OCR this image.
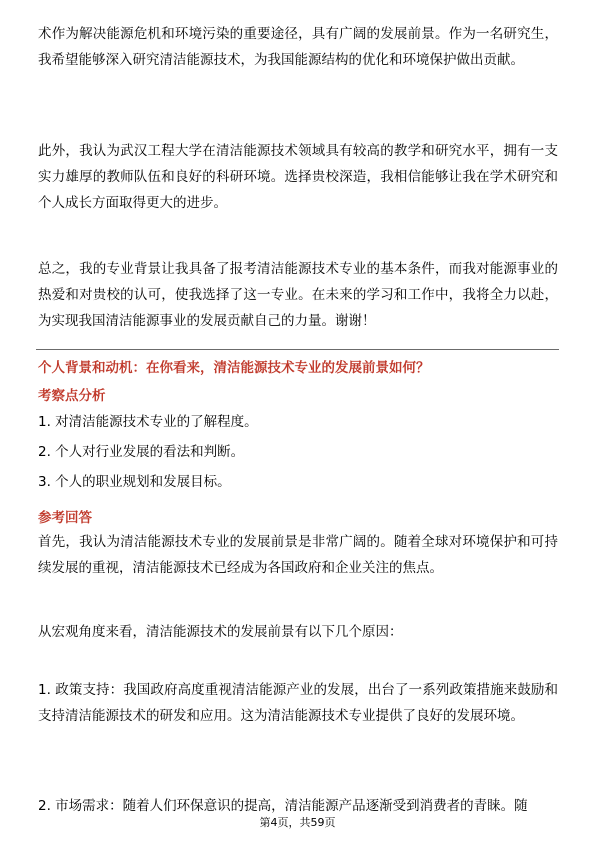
术作为解决能源危机和环境污染的重要途径，具有广阔的发展前景。作为一名研究生，我希望能够深入研究清洁能源技术，为我国能源结构的优化和环境保护做出贡献。

此外，我认为武汉工程大学在清洁能源技术领域具有较高的教学和研究水平，拥有一支实力雄厚的教师队伍和良好的科研环境。选择贵校深造，我相信能够让我在学术研究和个人成长方面取得更大的进步。

总之，我的专业背景让我具备了报考清洁能源技术专业的基本条件，而我对能源事业的热爱和对贵校的认可，使我选择了这一专业。在未来的学习和工作中，我将全力以赴，为实现我国清洁能源事业的发展贡献自己的力量。谢谢！

个人背景和动机：在你看来，清洁能源技术专业的发展前景如何？

考察点分析

1. 对清洁能源技术专业的了解程度。

2. 个人对行业发展的看法和判断。

3. 个人的职业规划和发展目标。

参考回答

首先，我认为清洁能源技术专业的发展前景是非常广阔的。随着全球对环境保护和可持续发展的重视，清洁能源技术已经成为各国政府和企业关注的焦点。

从宏观角度来看，清洁能源技术的发展前景有以下几个原因：

1. 政策支持：我国政府高度重视清洁能源产业的发展，出台了一系列政策措施来鼓励和支持清洁能源技术的研发和应用。这为清洁能源技术专业提供了良好的发展环境。

2. 市场需求：随着人们环保意识的提高，清洁能源产品逐渐受到消费者的青睐。随

第4页，共59页
